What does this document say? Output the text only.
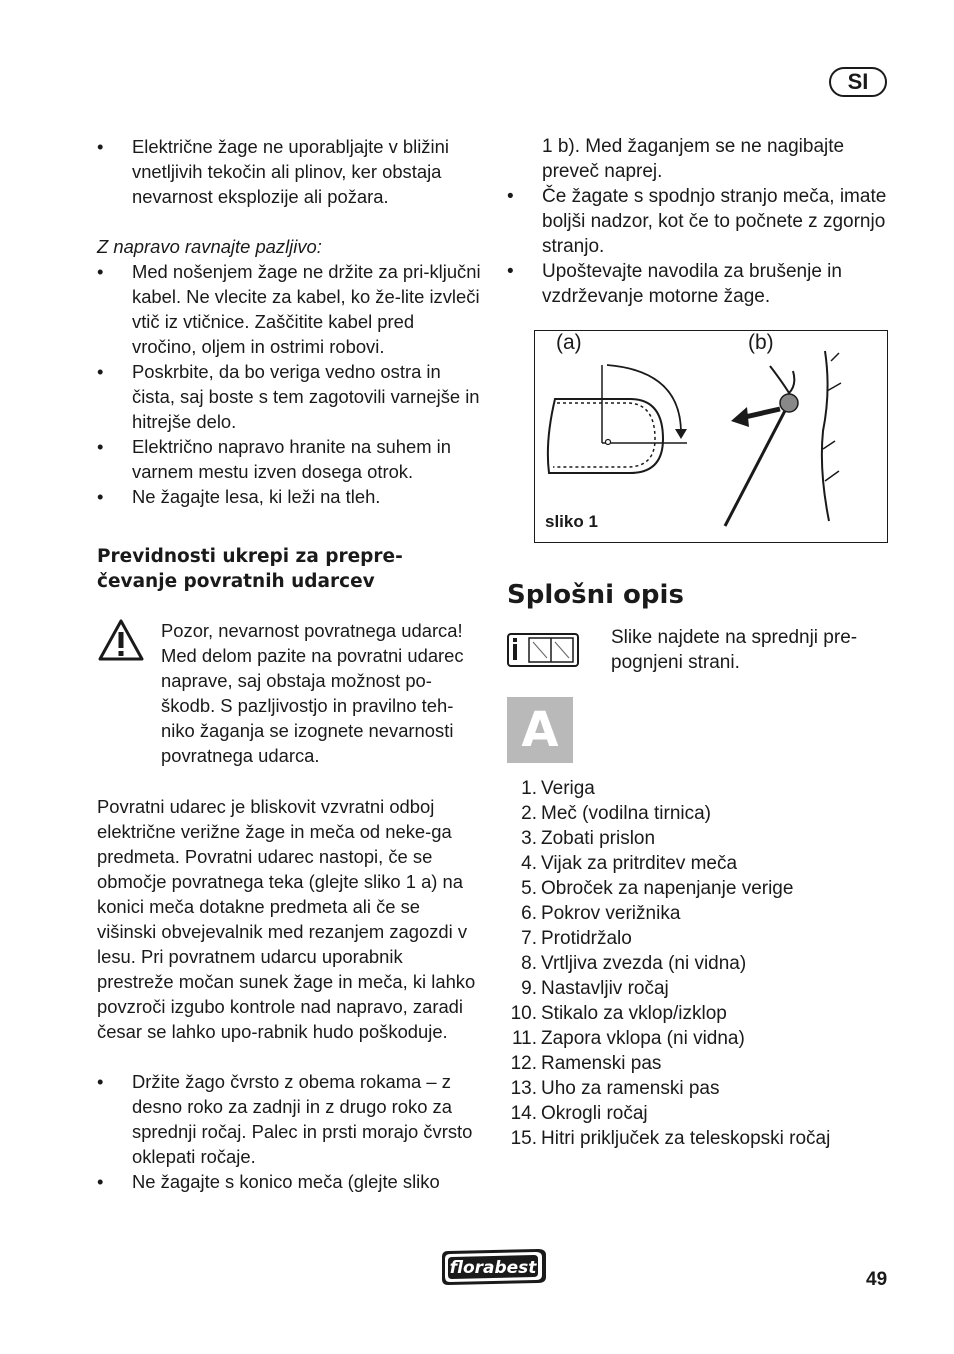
SI
• Električne žage ne uporabljajte v bližini vnetljivih tekočin ali plinov, ker obstaja nevarnost eksplozije ali požara.
Z napravo ravnajte pazljivo:
• Med nošenjem žage ne držite za pri-ključni kabel. Ne vlecite za kabel, ko že-lite izvleči vtič iz vtičnice. Zaščitite kabel pred vročino, oljem in ostrimi robovi.
• Poskrbite, da bo veriga vedno ostra in čista, saj boste s tem zagotovili varnejše in hitrejše delo.
• Električno napravo hranite na suhem in varnem mestu izven dosega otrok.
• Ne žagajte lesa, ki leži na tleh.
Previdnosti ukrepi za prepre-čevanje povratnih udarcev
Pozor, nevarnost povratnega udarca! Med delom pazite na povratni udarec naprave, saj obstaja možnost po-škodb. S pazljivostjo in pravilno teh-niko žaganja se izognete nevarnosti povratnega udarca.
Povratni udarec je bliskovit vzvratni odboj električne verižne žage in meča od neke-ga predmeta. Povratni udarec nastopi, če se območje povratnega teka (glejte sliko 1 a) na konici meča dotakne predmeta ali če se višinski obvejevalnik med rezanjem zagozdi v lesu. Pri povratnem udarcu uporabnik prestreže močan sunek žage in meča, ki lahko povzroči izgubo kontrole nad napravo, zaradi česar se lahko upo-rabnik hudo poškoduje.
• Držite žago čvrsto z obema rokama – z desno roko za zadnji in z drugo roko za sprednji ročaj. Palec in prsti morajo čvrsto oklepati ročaje.
• Ne žagajte s konico meča (glejte sliko
1 b). Med žaganjem se ne nagibajte preveč naprej.
• Če žagate s spodnjo stranjo meča, imate boljši nadzor, kot če to počnete z zgornjo stranjo.
• Upoštevajte navodila za brušenje in vzdrževanje motorne žage.
(a)	(b)
sliko 1
Splošni opis
Slike najdete na sprednji pre-pognjeni strani.
A
1. Veriga
2. Meč (vodilna tirnica)
3. Zobati prislon
4. Vijak za pritrditev meča
5. Obroček za napenjanje verige
6. Pokrov verižnika
7. Protidržalo
8. Vrtljiva zvezda (ni vidna)
9. Nastavljiv ročaj
10. Stikalo za vklop/izklop
11. Zapora vklopa (ni vidna)
12. Ramenski pas
13. Uho za ramenski pas
14. Okrogli ročaj
15. Hitri priključek za teleskopski ročaj
florabest
49
